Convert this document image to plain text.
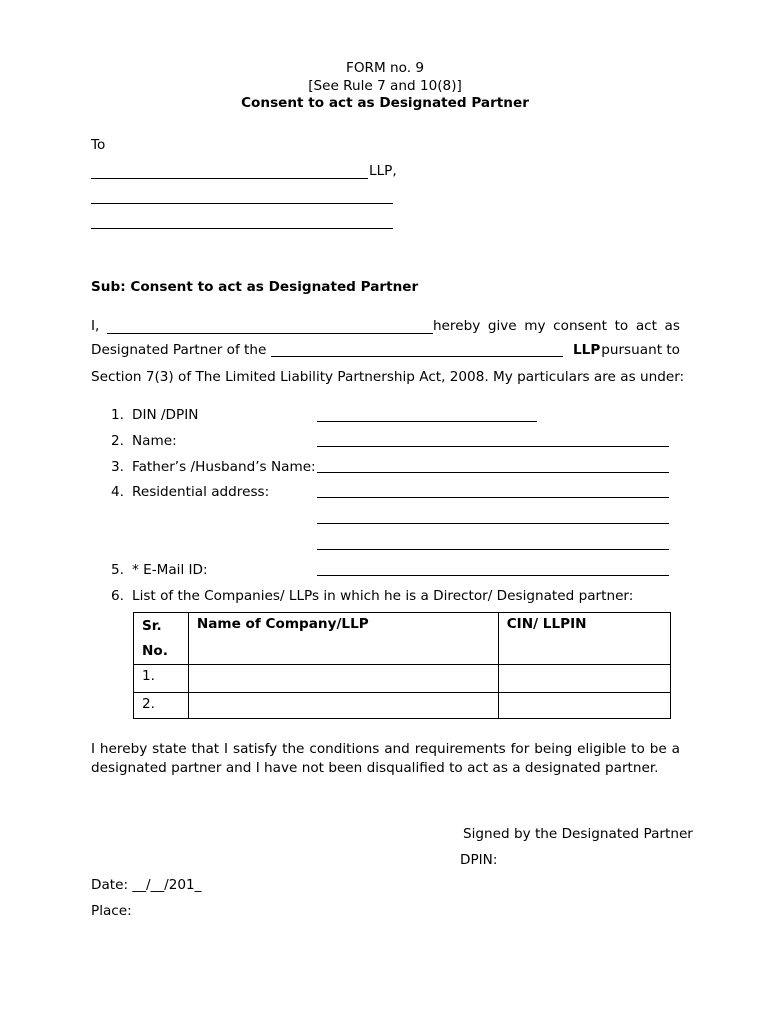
FORM no. 9
[See Rule 7 and 10(8)]
Consent to act as Designated Partner
To
LLP,
Sub: Consent to act as Designated Partner
I,	hereby give my consent to act as
Designated Partner of the	LLP pursuant to
Section 7(3) of The Limited Liability Partnership Act, 2008. My particulars are as under:
1. DIN /DPIN
2. Name:
3. Father’s /Husband’s Name:
4. Residential address:
5. * E-Mail ID:
6. List of the Companies/ LLPs in which he is a Director/ Designated partner:
Sr. No.	Name of Company/LLP	CIN/ LLPIN
1.		
2.		
I hereby state that I satisfy the conditions and requirements for being eligible to be a designated partner and I have not been disqualified to act as a designated partner.
Signed by the Designated Partner
DPIN:
Date: __/__/201_
Place:
